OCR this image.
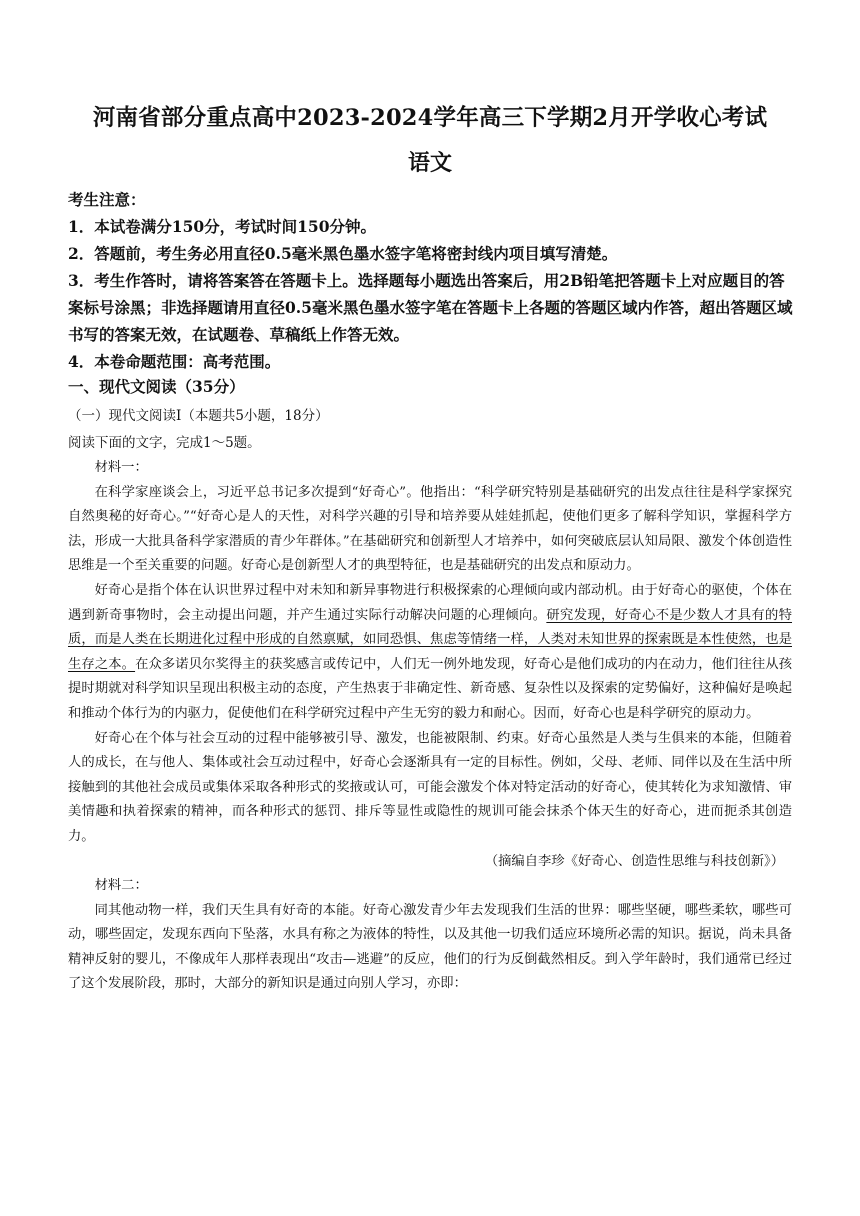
河南省部分重点高中2023-2024学年高三下学期2月开学收心考试
语文

考生注意：

1．本试卷满分150分，考试时间150分钟。

2．答题前，考生务必用直径0.5毫米黑色墨水签字笔将密封线内项目填写清楚。

3．考生作答时，请将答案答在答题卡上。选择题每小题选出答案后，用2B铅笔把答题卡上对应题目的答案标号涂黑；非选择题请用直径0.5毫米黑色墨水签字笔在答题卡上各题的答题区域内作答，超出答题区域书写的答案无效，在试题卷、草稿纸上作答无效。

4．本卷命题范围：高考范围。

一、现代文阅读（35分）
（一）现代文阅读Ⅰ（本题共5小题，18分）
阅读下面的文字，完成1～5题。

材料一：

在科学家座谈会上，习近平总书记多次提到“好奇心”。他指出：“科学研究特别是基础研究的出发点往往是科学家探究自然奥秘的好奇心。”“好奇心是人的天性，对科学兴趣的引导和培养要从娃娃抓起，使他们更多了解科学知识，掌握科学方法，形成一大批具备科学家潜质的青少年群体。”在基础研究和创新型人才培养中，如何突破底层认知局限、激发个体创造性思维是一个至关重要的问题。好奇心是创新型人才的典型特征，也是基础研究的出发点和原动力。

好奇心是指个体在认识世界过程中对未知和新异事物进行积极探索的心理倾向或内部动机。由于好奇心的驱使，个体在遇到新奇事物时，会主动提出问题，并产生通过实际行动解决问题的心理倾向。研究发现，好奇心不是少数人才具有的特质，而是人类在长期进化过程中形成的自然禀赋，如同恐惧、焦虑等情绪一样，人类对未知世界的探索既是本性使然，也是生存之本。在众多诺贝尔奖得主的获奖感言或传记中，人们无一例外地发现，好奇心是他们成功的内在动力，他们往往从孩提时期就对科学知识呈现出积极主动的态度，产生热衷于非确定性、新奇感、复杂性以及探索的定势偏好，这种偏好是唤起和推动个体行为的内驱力，促使他们在科学研究过程中产生无穷的毅力和耐心。因而，好奇心也是科学研究的原动力。

好奇心在个体与社会互动的过程中能够被引导、激发，也能被限制、约束。好奇心虽然是人类与生俱来的本能，但随着人的成长，在与他人、集体或社会互动过程中，好奇心会逐渐具有一定的目标性。例如，父母、老师、同伴以及在生活中所接触到的其他社会成员或集体采取各种形式的奖掖或认可，可能会激发个体对特定活动的好奇心，使其转化为求知激情、审美情趣和执着探索的精神，而各种形式的惩罚、排斥等显性或隐性的规训可能会抹杀个体天生的好奇心，进而扼杀其创造力。

（摘编自李珍《好奇心、创造性思维与科技创新》）

材料二：

同其他动物一样，我们天生具有好奇的本能。好奇心激发青少年去发现我们生活的世界：哪些坚硬，哪些柔软，哪些可动，哪些固定，发现东西向下坠落，水具有称之为液体的特性，以及其他一切我们适应环境所必需的知识。据说，尚未具备精神反射的婴儿，不像成年人那样表现出“攻击—逃避”的反应，他们的行为反倒截然相反。到入学年龄时，我们通常已经过了这个发展阶段，那时，大部分的新知识是通过向别人学习，亦即：
